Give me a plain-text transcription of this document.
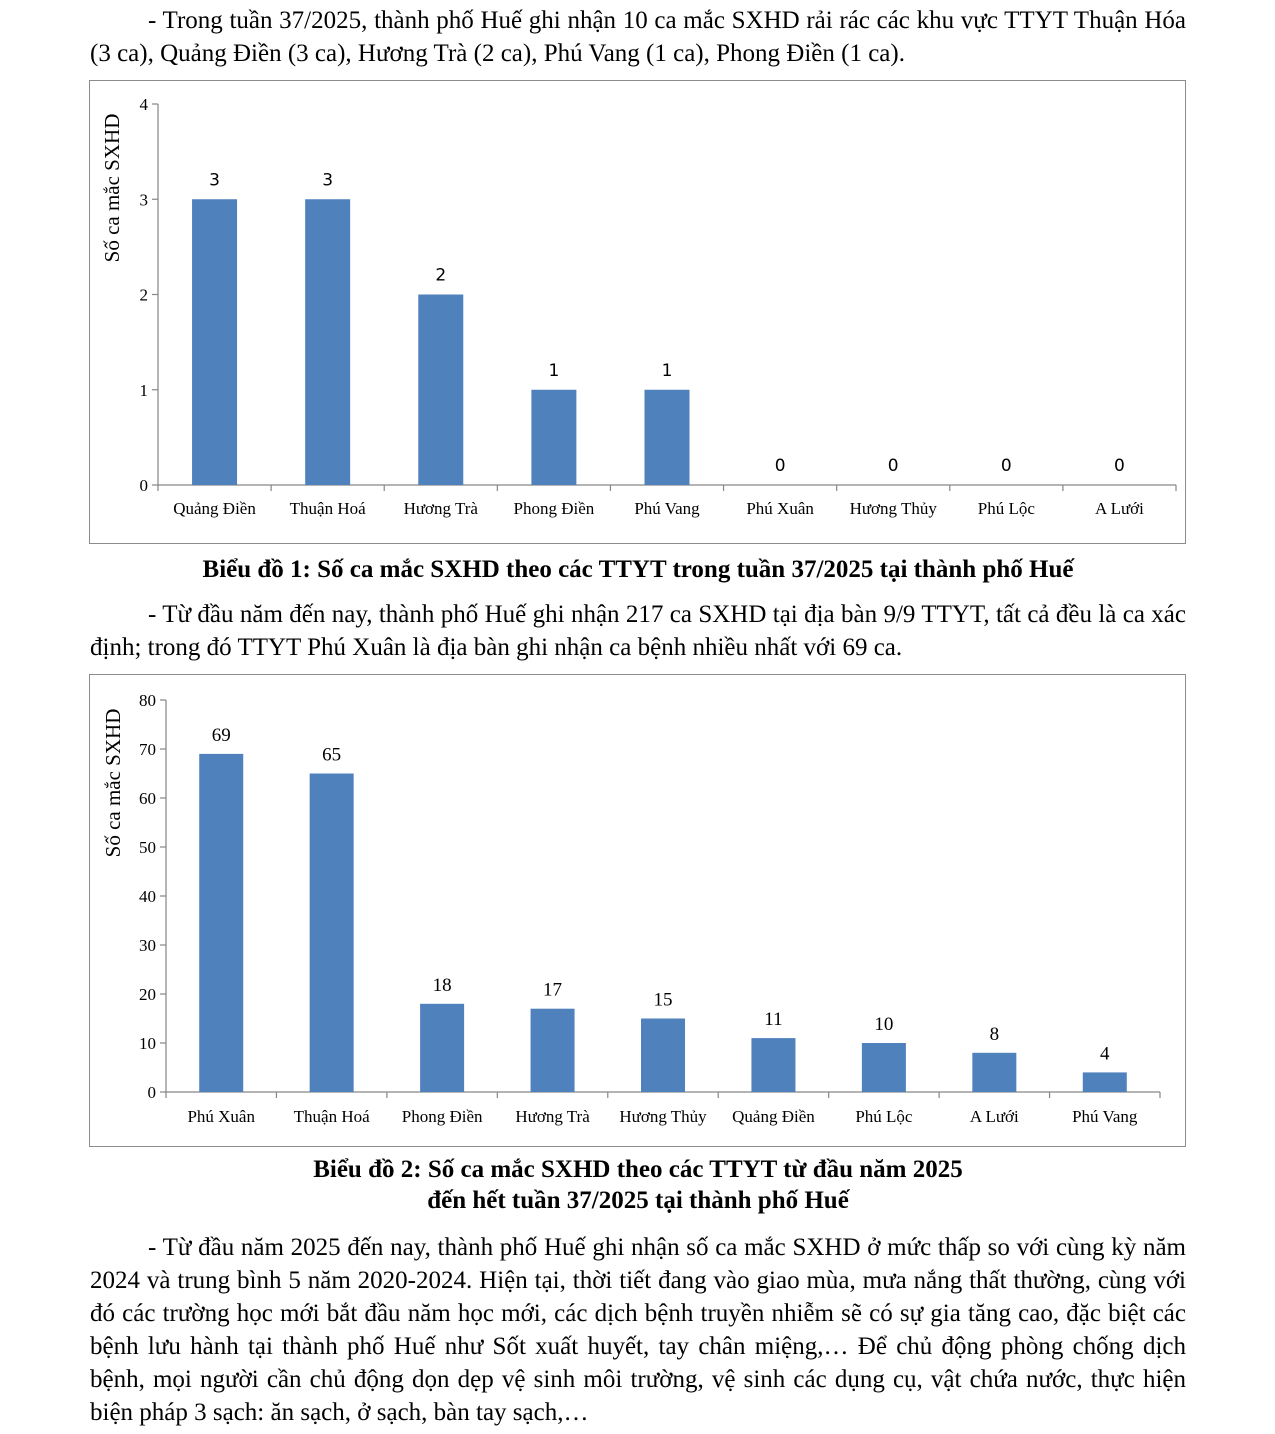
- Trong tuần 37/2025, thành phố Huế ghi nhận 10 ca mắc SXHD rải rác các khu vực TTYT Thuận Hóa (3 ca), Quảng Điền (3 ca), Hương Trà (2 ca), Phú Vang (1 ca), Phong Điền (1 ca).

0
1
2
3
4
3
Quảng Điền
3
Thuận Hoá
2
Hương Trà
1
Phong Điền
1
Phú Vang
0
Phú Xuân
0
Hương Thủy
0
Phú Lộc
0
A Lưới
Số ca mắc SXHD

Biểu đồ 1: Số ca mắc SXHD theo các TTYT trong tuần 37/2025 tại thành phố Huế

- Từ đầu năm đến nay, thành phố Huế ghi nhận 217 ca SXHD tại địa bàn 9/9 TTYT, tất cả đều là ca xác định; trong đó TTYT Phú Xuân là địa bàn ghi nhận ca bệnh nhiều nhất với 69 ca.

0
10
20
30
40
50
60
70
80
69
Phú Xuân
65
Thuận Hoá
18
Phong Điền
17
Hương Trà
15
Hương Thủy
11
Quảng Điền
10
Phú Lộc
8
A Lưới
4
Phú Vang
Số ca mắc SXHD

Biểu đồ 2: Số ca mắc SXHD theo các TTYT từ đầu năm 2025

đến hết tuần 37/2025 tại thành phố Huế

- Từ đầu năm 2025 đến nay, thành phố Huế ghi nhận số ca mắc SXHD ở mức thấp so với cùng kỳ năm 2024 và trung bình 5 năm 2020-2024. Hiện tại, thời tiết đang vào giao mùa, mưa nắng thất thường, cùng với đó các trường học mới bắt đầu năm học mới, các dịch bệnh truyền nhiễm sẽ có sự gia tăng cao, đặc biệt các bệnh lưu hành tại thành phố Huế như Sốt xuất huyết, tay chân miệng,… Để chủ động phòng chống dịch bệnh, mọi người cần chủ động dọn dẹp vệ sinh môi trường, vệ sinh các dụng cụ, vật chứa nước, thực hiện biện pháp 3 sạch: ăn sạch, ở sạch, bàn tay sạch,…
